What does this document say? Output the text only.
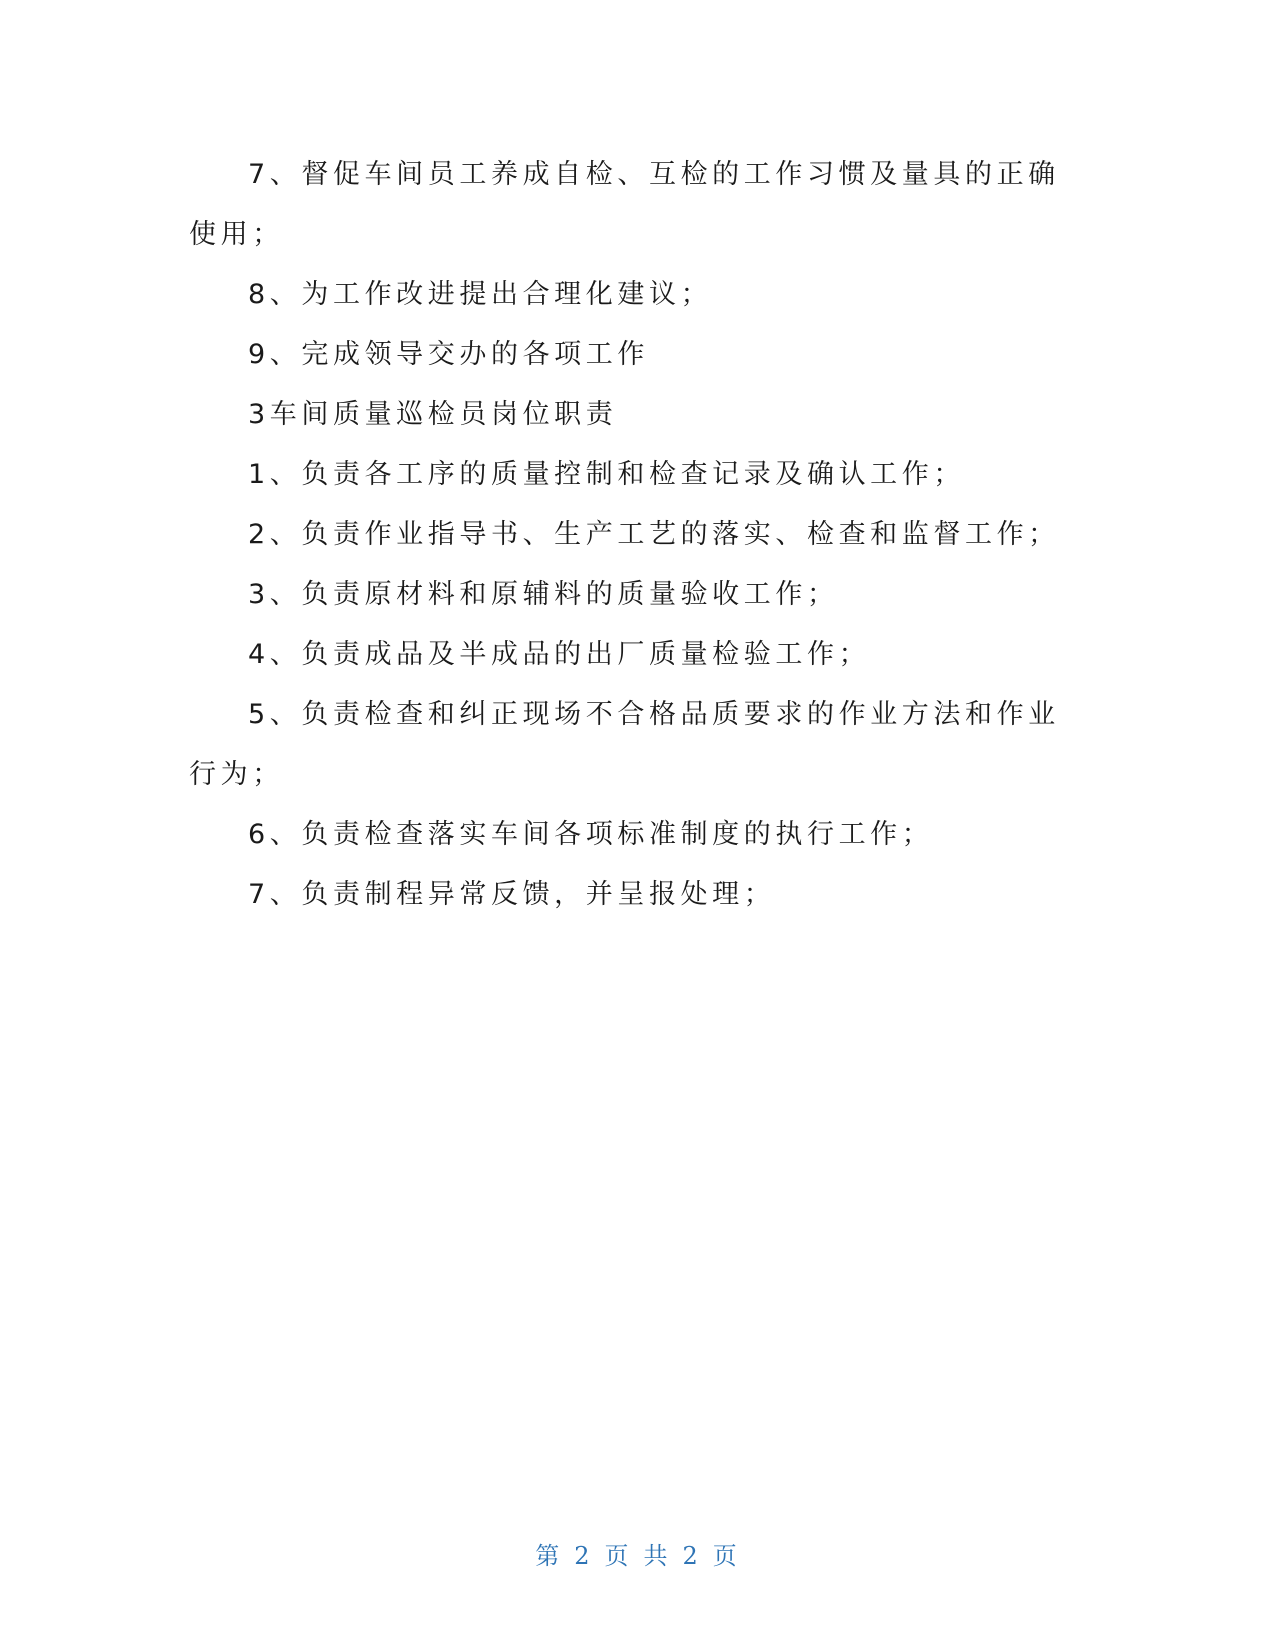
7、督促车间员工养成自检、互检的工作习惯及量具的正确使用；

8、为工作改进提出合理化建议；

9、完成领导交办的各项工作

3车间质量巡检员岗位职责

1、负责各工序的质量控制和检查记录及确认工作；

2、负责作业指导书、生产工艺的落实、检查和监督工作；

3、负责原材料和原辅料的质量验收工作；

4、负责成品及半成品的出厂质量检验工作；

5、负责检查和纠正现场不合格品质要求的作业方法和作业行为；

6、负责检查落实车间各项标准制度的执行工作；

7、负责制程异常反馈，并呈报处理；

第 2 页 共 2 页
